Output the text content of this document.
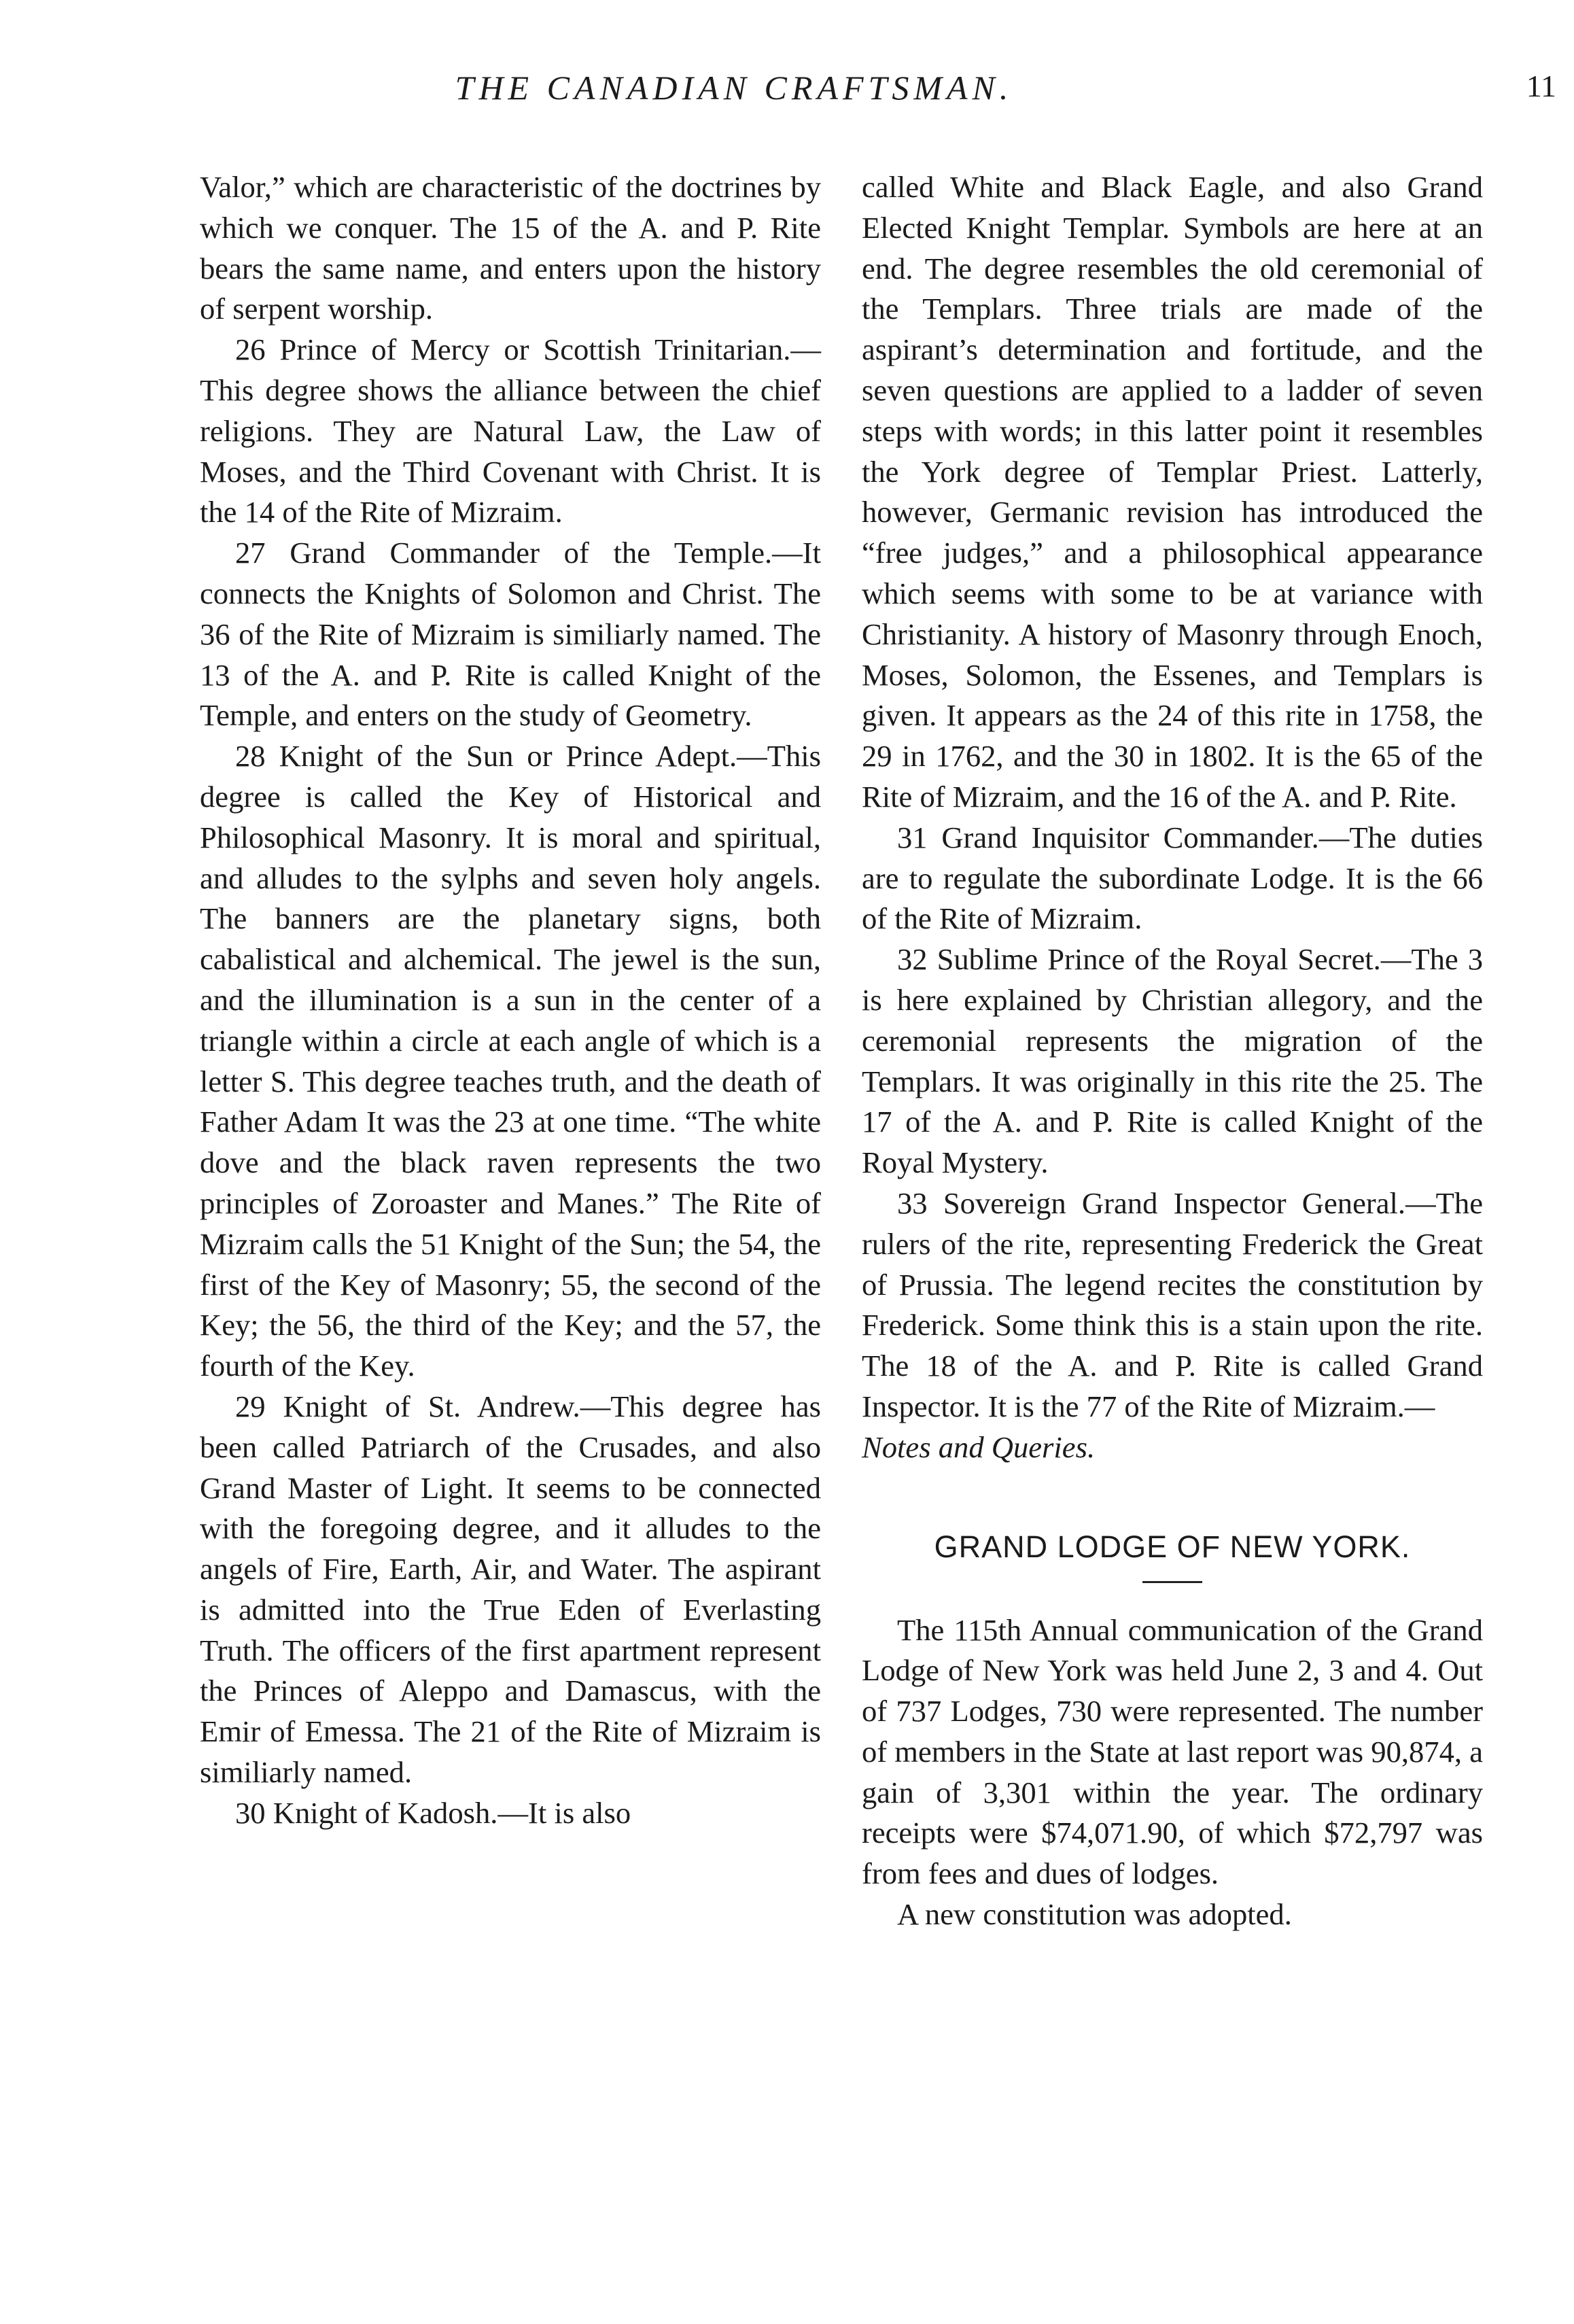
THE CANADIAN CRAFTSMAN.	11

Valor,” which are characteristic of the doctrines by which we conquer. The 15 of the A. and P. Rite bears the same name, and enters upon the history of serpent worship.

26 Prince of Mercy or Scottish Trinitarian.—This degree shows the alliance between the chief religions. They are Natural Law, the Law of Moses, and the Third Covenant with Christ. It is the 14 of the Rite of Mizraim.

27 Grand Commander of the Temple.—It connects the Knights of Solomon and Christ. The 36 of the Rite of Mizraim is similiarly named. The 13 of the A. and P. Rite is called Knight of the Temple, and enters on the study of Geometry.

28 Knight of the Sun or Prince Adept.—This degree is called the Key of Historical and Philosophical Masonry. It is moral and spiritual, and alludes to the sylphs and seven holy angels. The banners are the planetary signs, both cabalistical and alchemical. The jewel is the sun, and the illumination is a sun in the center of a triangle within a circle at each angle of which is a letter S. This degree teaches truth, and the death of Father Adam It was the 23 at one time. “The white dove and the black raven represents the two principles of Zoroaster and Manes.” The Rite of Mizraim calls the 51 Knight of the Sun; the 54, the first of the Key of Masonry; 55, the second of the Key; the 56, the third of the Key; and the 57, the fourth of the Key.

29 Knight of St. Andrew.—This degree has been called Patriarch of the Crusades, and also Grand Master of Light. It seems to be connected with the foregoing degree, and it alludes to the angels of Fire, Earth, Air, and Water. The aspirant is admitted into the True Eden of Everlasting Truth. The officers of the first apartment represent the Princes of Aleppo and Damascus, with the Emir of Emessa. The 21 of the Rite of Mizraim is similiarly named.

30 Knight of Kadosh.—It is also

called White and Black Eagle, and also Grand Elected Knight Templar. Symbols are here at an end. The degree resembles the old ceremonial of the Templars. Three trials are made of the aspirant’s determination and fortitude, and the seven questions are applied to a ladder of seven steps with words; in this latter point it resembles the York degree of Templar Priest. Latterly, however, Germanic revision has introduced the “free judges,” and a philosophical appearance which seems with some to be at variance with Christianity. A history of Masonry through Enoch, Moses, Solomon, the Essenes, and Templars is given. It appears as the 24 of this rite in 1758, the 29 in 1762, and the 30 in 1802. It is the 65 of the Rite of Mizraim, and the 16 of the A. and P. Rite.

31 Grand Inquisitor Commander.—The duties are to regulate the subordinate Lodge. It is the 66 of the Rite of Mizraim.

32 Sublime Prince of the Royal Secret.—The 3 is here explained by Christian allegory, and the ceremonial represents the migration of the Templars. It was originally in this rite the 25. The 17 of the A. and P. Rite is called Knight of the Royal Mystery.

33 Sovereign Grand Inspector General.—The rulers of the rite, representing Frederick the Great of Prussia. The legend recites the constitution by Frederick. Some think this is a stain upon the rite. The 18 of the A. and P. Rite is called Grand Inspector. It is the 77 of the Rite of Mizraim.—

Notes and Queries.

GRAND LODGE OF NEW YORK.

The 115th Annual communication of the Grand Lodge of New York was held June 2, 3 and 4. Out of 737 Lodges, 730 were represented. The number of members in the State at last report was 90,874, a gain of 3,301 within the year. The ordinary receipts were $74,071.90, of which $72,797 was from fees and dues of lodges.

A new constitution was adopted.
